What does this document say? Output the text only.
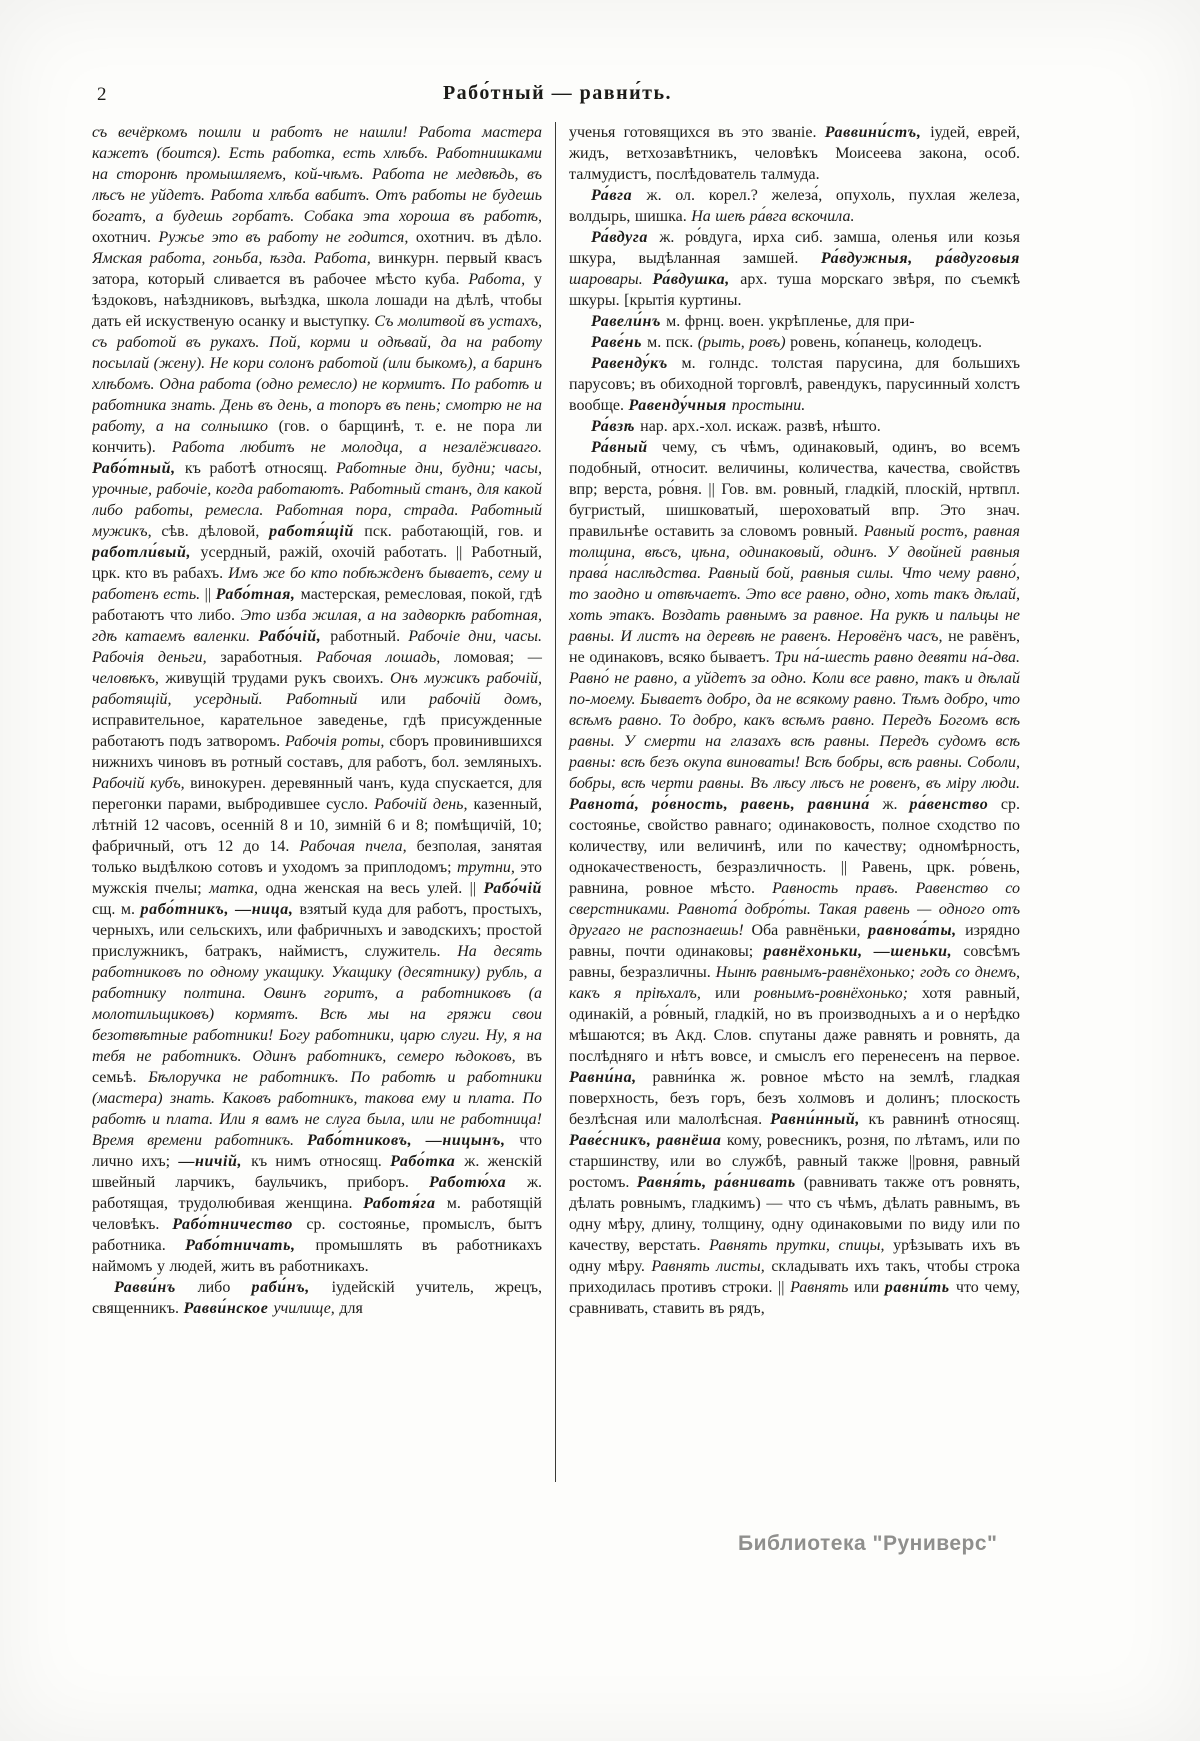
2	Рабо́тный — равни́ть.

съ вечёркомъ пошли и работъ не нашли! Работа мастера кажетъ (боится). Есть работка, есть хлѣбъ. Работнишками на сторонѣ промышляемъ, кой-чѣмъ. Работа не медвѣдь, въ лѣсъ не уйдетъ. Работа хлѣба вабитъ. Отъ работы не будешь богатъ, а будешь горбатъ. Собака эта хороша въ работѣ, охотнич. Ружье это въ работу не годится, охотнич. въ дѣло. Ямская работа, гоньба, ѣзда. Работа, винкурн. первый квасъ затора, который сливается въ рабочее мѣсто куба. Работа, у ѣздоковъ, наѣздниковъ, выѣздка, школа лошади на дѣлѣ, чтобы дать ей искуственую осанку и выступку. Съ молитвой въ устахъ, съ работой въ рукахъ. Пой, корми и одѣвай, да на работу посылай (жену). Не кори солонъ работой (или быкомъ), а баринъ хлѣбомъ. Одна работа (одно ремесло) не кормитъ. По работѣ и работника знать. День въ день, а топоръ въ пень; смотрю не на работу, а на солнышко (гов. о барщинѣ, т. е. не пора ли кончить). Работа любитъ не молодца, а незалёживаго. Рабо́тный, къ работѣ относящ. Работные дни, будни; часы, урочные, рабочіе, когда работаютъ. Работный станъ, для какой либо работы, ремесла. Работная пора, страда. Работный мужикъ, сѣв. дѣловой, работя́щій пск. работающій, гов. и работли́вый, усердный, ражій, охочій работать. || Работный, црк. кто въ рабахъ. Имъ же бо кто побѣжденъ бываетъ, сему и работенъ есть. || Рабо́тная, мастерская, ремесловая, покой, гдѣ работаютъ что либо. Это изба жилая, а на задворкѣ работная, гдѣ катаемъ валенки. Рабо́чій, работный. Рабочіе дни, часы. Рабочія деньги, заработныя. Рабочая лошадь, ломовая; —человѣкъ, живущій трудами рукъ своихъ. Онъ мужикъ рабочій, работящій, усердный. Работный или рабочій домъ, исправительное, карательное заведенье, гдѣ присужденные работаютъ подъ затворомъ. Рабочія роты, сборъ провинившихся нижнихъ чиновъ въ ротный составъ, для работъ, бол. земляныхъ. Рабочій кубъ, винокурен. деревянный чанъ, куда спускается, для перегонки парами, выбродившее сусло. Рабочій день, казенный, лѣтній 12 часовъ, осенній 8 и 10, зимній 6 и 8; помѣщичій, 10; фабричный, отъ 12 до 14. Рабочая пчела, безполая, занятая только выдѣлкою сотовъ и уходомъ за приплодомъ; трутни, это мужскія пчелы; матка, одна женская на весь улей. || Рабо́чій сщ. м. рабо́тникъ, —ница, взятый куда для работъ, простыхъ, черныхъ, или сельскихъ, или фабричныхъ и заводскихъ; простой прислужникъ, батракъ, наймистъ, служитель. На десять работниковъ по одному укащику. Укащику (десятнику) рубль, а работнику полтина. Овинъ горитъ, а работниковъ (а молотильщиковъ) кормятъ. Всѣ мы на гряжи свои безотвѣтные работники! Богу работники, царю слуги. Ну, я на тебя не работникъ. Одинъ работникъ, семеро ѣдоковъ, въ семьѣ. Бѣлоручка не работникъ. По работѣ и работники (мастера) знать. Каковъ работникъ, такова ему и плата. По работѣ и плата. Или я вамъ не слуга была, или не работница! Время времени работникъ. Рабо́тниковъ, —ницынъ, что лично ихъ; —ничій, къ нимъ относящ. Рабо́тка ж. женскій швейный ларчикъ, баульчикъ, приборъ. Работю́ха ж. работящая, трудолюбивая женщина. Работя́га м. работящій человѣкъ. Рабо́тничество ср. состоянье, промыслъ, бытъ работника. Рабо́тничать, промышлять въ работникахъ наймомъ у людей, жить въ работникахъ.

Равви́нъ либо раби́нъ, іудейскій учитель, жрецъ, священникъ. Равви́нское училище, для

ученья готовящихся въ это званіе. Раввини́стъ, іудей, еврей, жидъ, ветхозавѣтникъ, человѣкъ Моисеева закона, особ. талмудистъ, послѣдователь талмуда.

Ра́вга ж. ол. корел.? железа́, опухоль, пухлая железа, волдырь, шишка. На шеѣ ра́вга вскочила.

Ра́вдуга ж. ро́вдуга, ирха сиб. замша, оленья или козья шкура, выдѣланная замшей. Ра́вдужныя, ра́вдуговыя шаровары. Ра́вдушка, арх. туша морскаго звѣря, по съемкѣ шкуры. [крытія куртины.

Равели́нъ м. фрнц. воен. укрѣпленье, для при-

Раве́нь м. пск. (рыть, ровъ) ровень, ко́панець, колодецъ.

Равенду́къ м. голндс. толстая парусина, для большихъ парусовъ; въ обиходной торговлѣ, равендукъ, парусинный холстъ вообще. Равенду́чныя простыни.

Ра́взѣ нар. арх.-хол. искаж. развѣ, нѣшто.

Ра́вный чему, съ чѣмъ, одинаковый, одинъ, во всемъ подобный, относит. величины, количества, качества, свойствъ впр; верста, ро́вня. || Гов. вм. ровный, гладкій, плоскій, нртвпл. бугристый, шишковатый, шероховатый впр. Это знач. правильнѣе оставить за словомъ ровный. Равный ростъ, равная толщина, вѣсъ, цѣна, одинаковый, одинъ. У двойней равныя права́ наслѣдства. Равный бой, равныя силы. Что чему равно́, то заодно и отвѣчаетъ. Это все равно, одно, хоть такъ дѣлай, хоть этакъ. Воздать равнымъ за равное. На рукѣ и пальцы не равны. И листъ на деревѣ не равенъ. Неровёнъ часъ, не равёнъ, не одинаковъ, всяко бываетъ. Три на́-шесть равно девяти на́-два. Равно́ не равно, а уйдетъ за одно. Коли все равно, такъ и дѣлай по-моему. Бываетъ добро, да не всякому равно. Тѣмъ добро, что всѣмъ равно. То добро, какъ всѣмъ равно. Передъ Богомъ всѣ равны. У смерти на глазахъ всѣ равны. Передъ судомъ всѣ равны: всѣ безъ окупа виноваты! Всѣ бобры, всѣ равны. Соболи, бобры, всѣ черти равны. Въ лѣсу лѣсъ не ровенъ, въ міру люди. Равнота́, ро́вность, равень, равнина́ ж. ра́венство ср. состоянье, свойство равнаго; одинаковость, полное сходство по количеству, или величинѣ, или по качеству; одномѣрность, однокачественость, безразличность. || Равень, црк. ро́вень, равнина, ровное мѣсто. Равность правъ. Равенство со сверстниками. Равнота́ добро́ты. Такая равень — одного отъ другаго не распознаешь! Оба равнёньки, равнова́ты, изрядно равны, почти одинаковы; равнёхоньки, —шеньки, совсѣмъ равны, безразличны. Нынѣ равнымъ-равнёхонько; годъ со днемъ, какъ я пріѣхалъ, или ровнымъ-ровнёхонько; хотя равный, одинакій, а ро́вный, гладкій, но въ производныхъ а и о нерѣдко мѣшаются; въ Акд. Слов. спутаны даже равнять и ровнять, да послѣдняго и нѣтъ вовсе, и смыслъ его перенесенъ на первое. Равни́на, равни́нка ж. ровное мѣсто на землѣ, гладкая поверхность, безъ горъ, безъ холмовъ и долинъ; плоскость безлѣсная или малолѣсная. Равни́нный, къ равнинѣ относящ. Раве́сникъ, равнёша кому, ровесникъ, розня, по лѣтамъ, или по старшинству, или во службѣ, равный также ||ровня, равный ростомъ. Равня́ть, ра́внивать (равнивать также отъ ровнять, дѣлать ровнымъ, гладкимъ) — что съ чѣмъ, дѣлать равнымъ, въ одну мѣру, длину, толщину, одну одинаковыми по виду или по качеству, верстать. Равнять прутки, спицы, урѣзывать ихъ въ одну мѣру. Равнять листы, складывать ихъ такъ, чтобы строка приходилась противъ строки. || Равнять или равни́ть что чему, сравнивать, ставить въ рядъ,

Библиотека "Руниверс"
